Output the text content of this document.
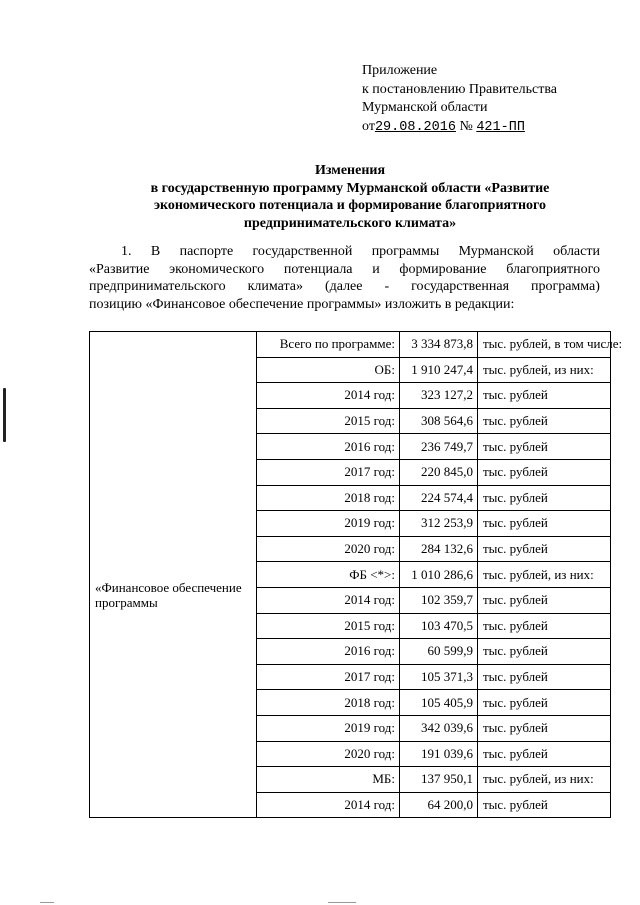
Приложение
к постановлению Правительства
Мурманской области
от29.08.2016 № 421-ПП
Изменения
в государственную программу Мурманской области «Развитие
экономического потенциала и формирование благоприятного
предпринимательского климата»
1. В паспорте государственной программы Мурманской области
«Развитие экономического потенциала и формирование благоприятного
предпринимательского климата» (далее - государственная программа)
позицию «Финансовое обеспечение программы» изложить в редакции:
«Финансовое обеспечение программы	Всего по программе:	3 334 873,8	тыс. рублей, в том числе:
	ОБ:	1 910 247,4	тыс. рублей, из них:
	2014 год:	323 127,2	тыс. рублей
	2015 год:	308 564,6	тыс. рублей
	2016 год:	236 749,7	тыс. рублей
	2017 год:	220 845,0	тыс. рублей
	2018 год:	224 574,4	тыс. рублей
	2019 год:	312 253,9	тыс. рублей
	2020 год:	284 132,6	тыс. рублей
	ФБ <*>:	1 010 286,6	тыс. рублей, из них:
	2014 год:	102 359,7	тыс. рублей
	2015 год:	103 470,5	тыс. рублей
	2016 год:	60 599,9	тыс. рублей
	2017 год:	105 371,3	тыс. рублей
	2018 год:	105 405,9	тыс. рублей
	2019 год:	342 039,6	тыс. рублей
	2020 год:	191 039,6	тыс. рублей
	МБ:	137 950,1	тыс. рублей, из них:
	2014 год:	64 200,0	тыс. рублей
